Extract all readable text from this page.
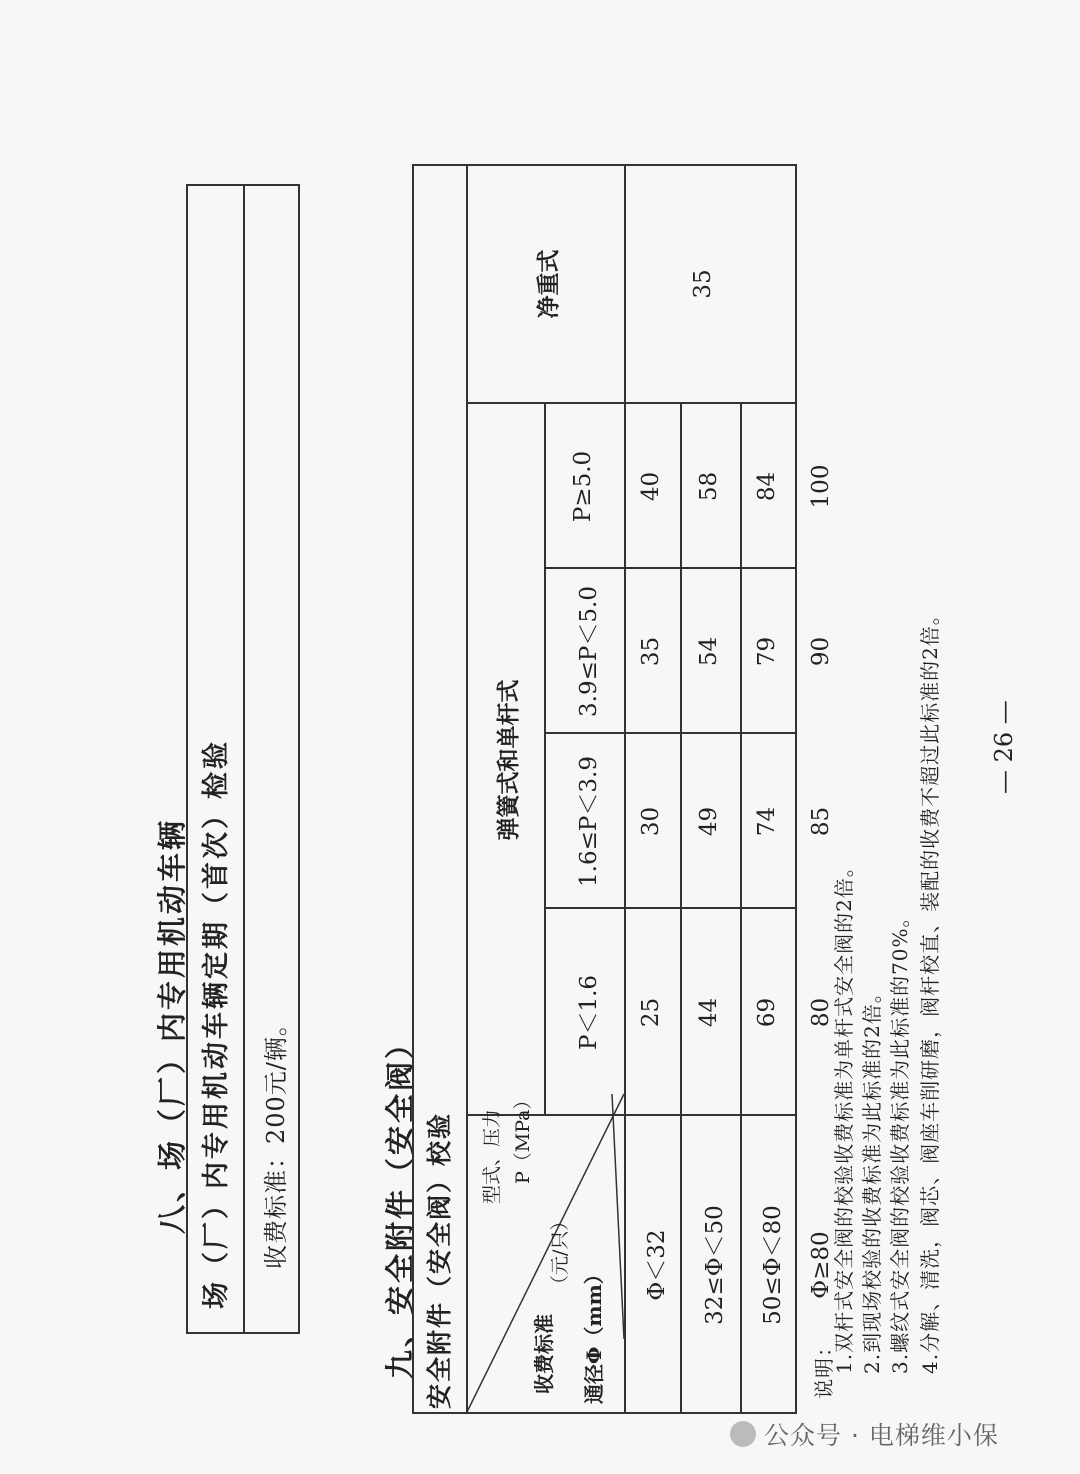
八、场（厂）内专用机动车辆 场（厂）内专用机动车辆定期（首次）检验 收费标准：200元/辆。	九、安全附件（安全阀） 安全附件（安全阀）校验 型式、压力 P（MPa）
收费标准
（元/只）
通径Φ（mm）
弹簧式和单杆式
净重式
P＜1.6
1.6≤P＜3.9
3.9≤P＜5.0
P≥5.0
Φ＜32
25
30
35
40
32≤Φ＜50
44
49
54
58
50≤Φ＜80
69
74
79
84
Φ≥80
80
85
90
100
35
说明：
1.双杆式安全阀的校验收费标准为单杆式安全阀的2倍。 2.到现场校验的收费标准为此标准的2倍。 3.螺纹式安全阀的校验收费标准为此标准的70%。 4.分解、清洗，阀芯、阀座车削研磨，阀杆校直、装配的收费不超过此标准的2倍。 — 26 —
公众号 · 电梯维小保
